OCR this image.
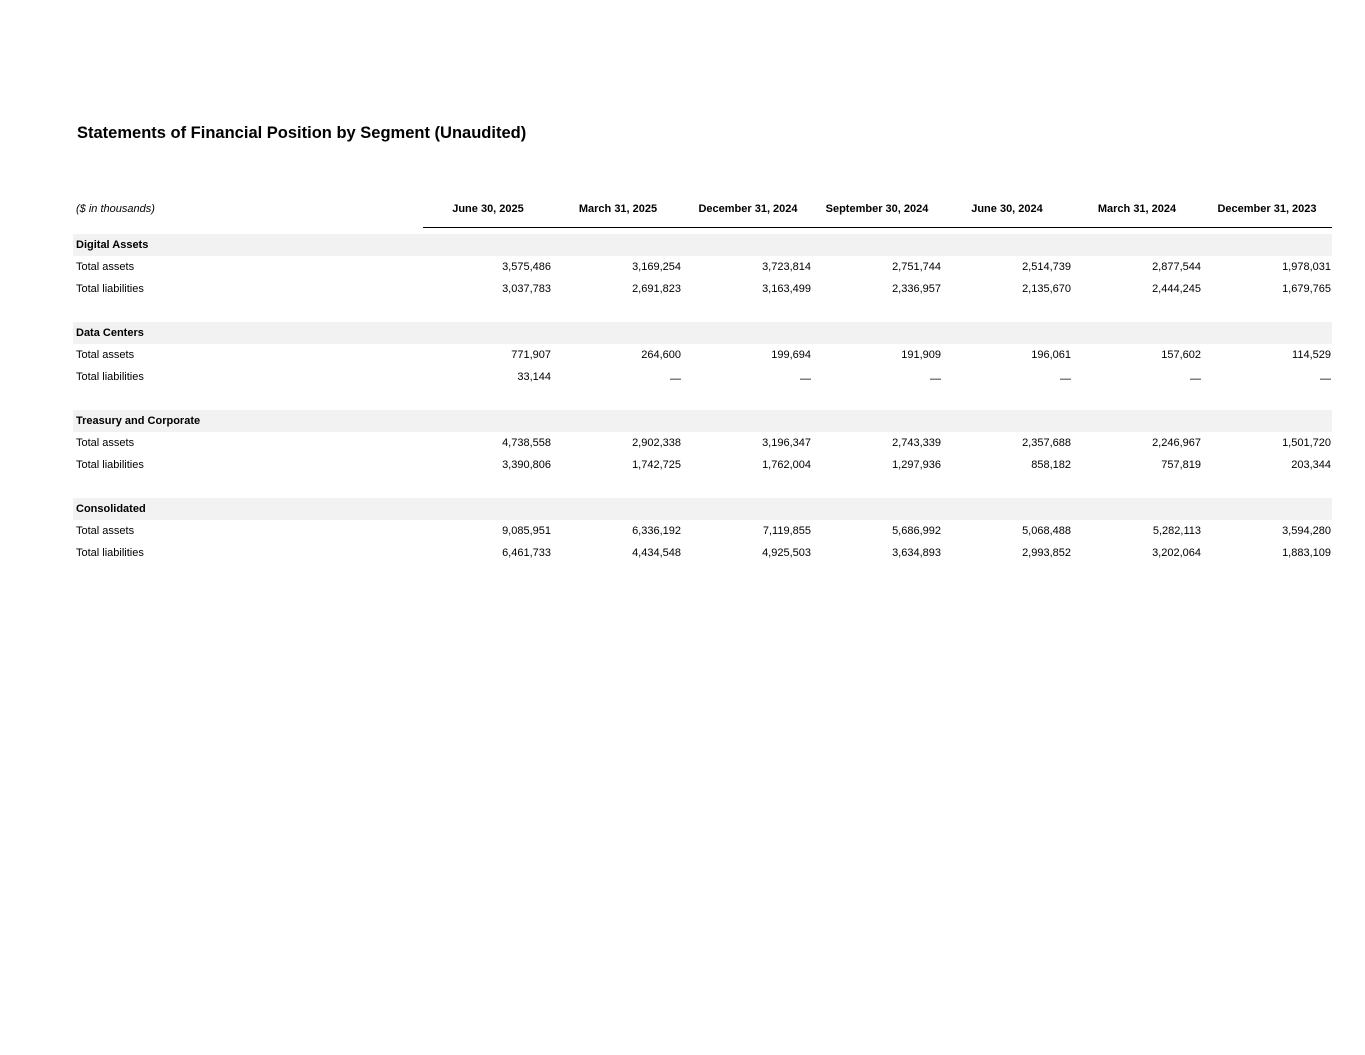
Statements of Financial Position by Segment (Unaudited)
($ in thousands)	June 30, 2025	March 31, 2025	December 31, 2024	September 30, 2024	June 30, 2024	March 31, 2024	December 31, 2023
Digital Assets
Total assets	3,575,486	3,169,254	3,723,814	2,751,744	2,514,739	2,877,544	1,978,031
Total liabilities	3,037,783	2,691,823	3,163,499	2,336,957	2,135,670	2,444,245	1,679,765
Data Centers
Total assets	771,907	264,600	199,694	191,909	196,061	157,602	114,529
Total liabilities	33,144	—	—	—	—	—	—
Treasury and Corporate
Total assets	4,738,558	2,902,338	3,196,347	2,743,339	2,357,688	2,246,967	1,501,720
Total liabilities	3,390,806	1,742,725	1,762,004	1,297,936	858,182	757,819	203,344
Consolidated
Total assets	9,085,951	6,336,192	7,119,855	5,686,992	5,068,488	5,282,113	3,594,280
Total liabilities	6,461,733	4,434,548	4,925,503	3,634,893	2,993,852	3,202,064	1,883,109
